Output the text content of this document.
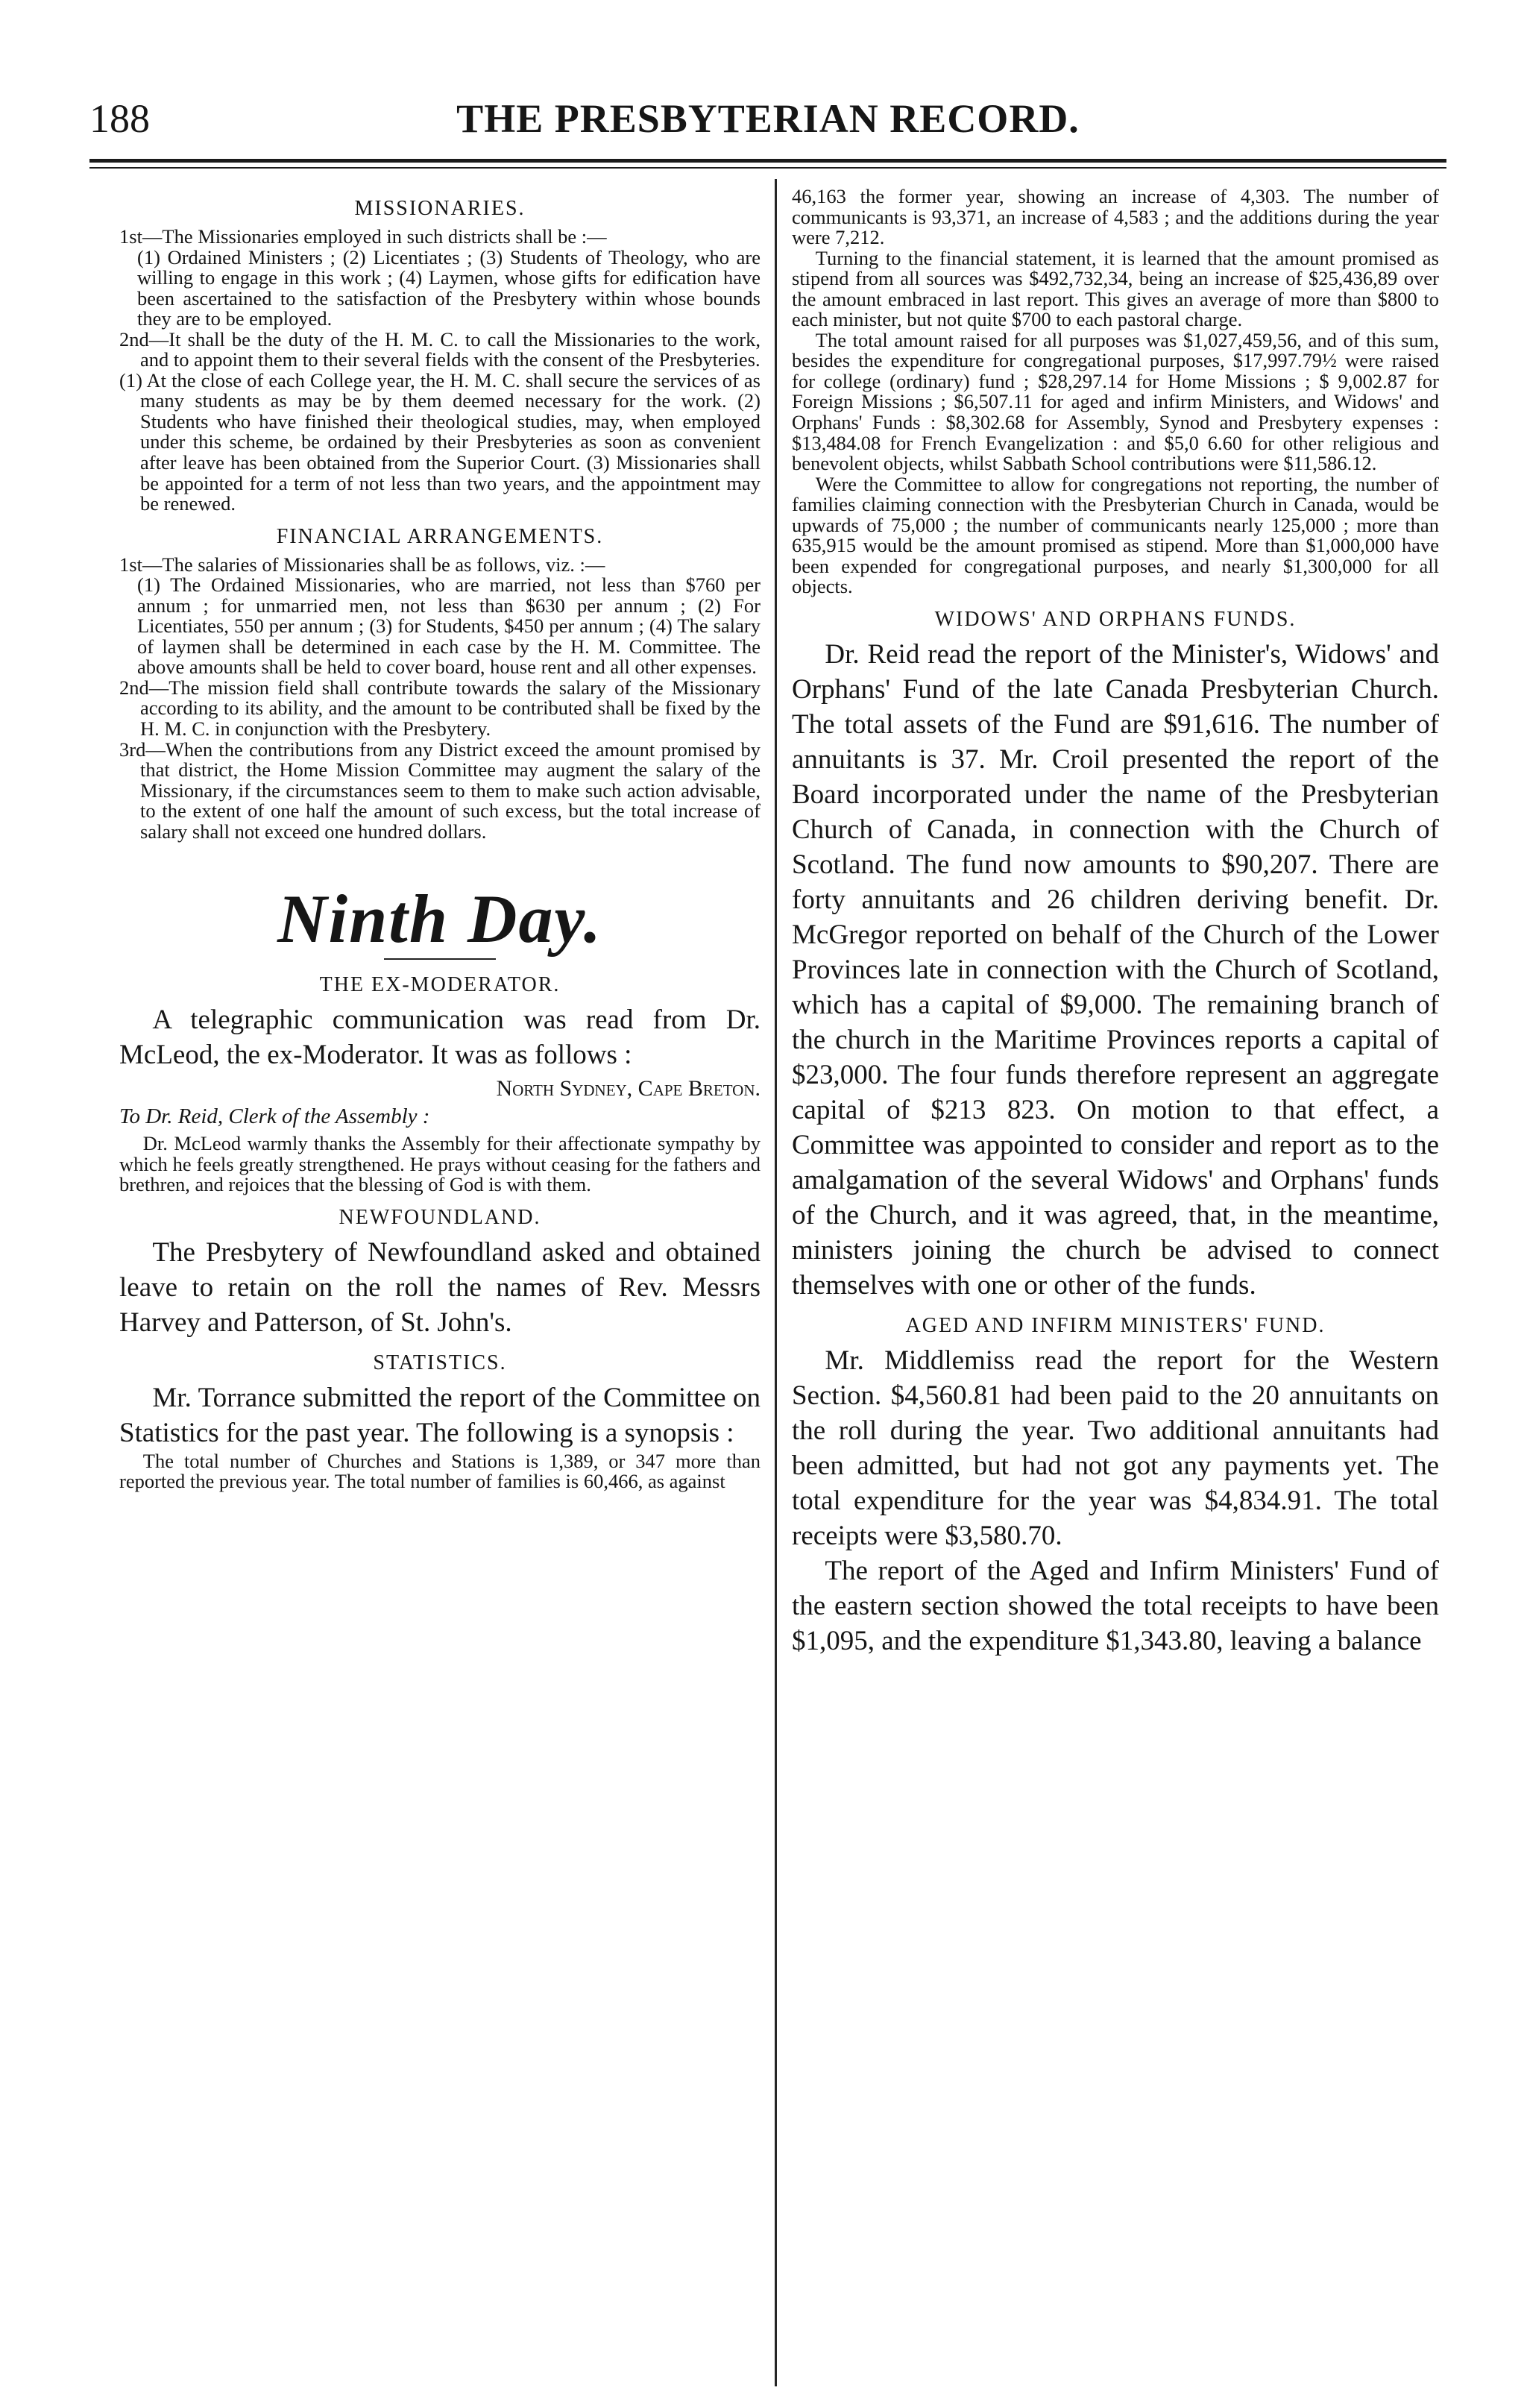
188	THE PRESBYTERIAN RECORD.
MISSIONARIES.

1st—The Missionaries employed in such districts shall be :—

(1) Ordained Ministers ; (2) Licentiates ; (3) Students of Theology, who are willing to engage in this work ; (4) Laymen, whose gifts for edification have been ascertained to the satisfaction of the Presbytery within whose bounds they are to be employed.

2nd—It shall be the duty of the H. M. C. to call the Missionaries to the work, and to appoint them to their several fields with the consent of the Presbyteries.

(1) At the close of each College year, the H. M. C. shall secure the services of as many students as may be by them deemed necessary for the work. (2) Students who have finished their theological studies, may, when employed under this scheme, be ordained by their Presbyteries as soon as convenient after leave has been obtained from the Superior Court. (3) Missionaries shall be appointed for a term of not less than two years, and the appointment may be renewed.

FINANCIAL ARRANGEMENTS.

1st—The salaries of Missionaries shall be as follows, viz. :—

(1) The Ordained Missionaries, who are married, not less than $760 per annum ; for unmarried men, not less than $630 per annum ; (2) For Licentiates, 550 per annum ; (3) for Students, $450 per annum ; (4) The salary of laymen shall be determined in each case by the H. M. Committee. The above amounts shall be held to cover board, house rent and all other expenses.

2nd—The mission field shall contribute towards the salary of the Missionary according to its ability, and the amount to be contributed shall be fixed by the H. M. C. in conjunction with the Presbytery.

3rd—When the contributions from any District exceed the amount promised by that district, the Home Mission Committee may augment the salary of the Missionary, if the circumstances seem to them to make such action advisable, to the extent of one half the amount of such excess, but the total increase of salary shall not exceed one hundred dollars.

Ninth Day.
THE EX-MODERATOR.

A telegraphic communication was read from Dr. McLeod, the ex-Moderator. It was as follows :

North Sydney, Cape Breton.
To Dr. Reid, Clerk of the Assembly :

Dr. McLeod warmly thanks the Assembly for their affectionate sympathy by which he feels greatly strengthened. He prays without ceasing for the fathers and brethren, and rejoices that the blessing of God is with them.

NEWFOUNDLAND.

The Presbytery of Newfoundland asked and obtained leave to retain on the roll the names of Rev. Messrs Harvey and Patterson, of St. John's.

STATISTICS.

Mr. Torrance submitted the report of the Committee on Statistics for the past year. The following is a synopsis :

The total number of Churches and Stations is 1,389, or 347 more than reported the previous year. The total number of families is 60,466, as against

46,163 the former year, showing an increase of 4,303. The number of communicants is 93,371, an increase of 4,583 ; and the additions during the year were 7,212.

Turning to the financial statement, it is learned that the amount promised as stipend from all sources was $492,732,34, being an increase of $25,436,89 over the amount embraced in last report. This gives an average of more than $800 to each minister, but not quite $700 to each pastoral charge.

The total amount raised for all purposes was $1,027,459,56, and of this sum, besides the expenditure for congregational purposes, $17,997.79½ were raised for college (ordinary) fund ; $28,297.14 for Home Missions ; $ 9,002.87 for Foreign Missions ; $6,507.11 for aged and infirm Ministers, and Widows' and Orphans' Funds : $8,302.68 for Assembly, Synod and Presbytery expenses : $13,484.08 for French Evangelization : and $5,0 6.60 for other religious and benevolent objects, whilst Sabbath School contributions were $11,586.12.

Were the Committee to allow for congregations not reporting, the number of families claiming connection with the Presbyterian Church in Canada, would be upwards of 75,000 ; the number of communicants nearly 125,000 ; more than 635,915 would be the amount promised as stipend. More than $1,000,000 have been expended for congregational purposes, and nearly $1,300,000 for all objects.

WIDOWS' AND ORPHANS FUNDS.

Dr. Reid read the report of the Minister's, Widows' and Orphans' Fund of the late Canada Presbyterian Church. The total assets of the Fund are $91,616. The number of annuitants is 37. Mr. Croil presented the report of the Board incorporated under the name of the Presbyterian Church of Canada, in connection with the Church of Scotland. The fund now amounts to $90,207. There are forty annuitants and 26 children deriving benefit. Dr. McGregor reported on behalf of the Church of the Lower Provinces late in connection with the Church of Scotland, which has a capital of $9,000. The remaining branch of the church in the Maritime Provinces reports a capital of $23,000. The four funds therefore represent an aggregate capital of $213 823. On motion to that effect, a Committee was appointed to consider and report as to the amalgamation of the several Widows' and Orphans' funds of the Church, and it was agreed, that, in the meantime, ministers joining the church be advised to connect themselves with one or other of the funds.

AGED AND INFIRM MINISTERS' FUND.

Mr. Middlemiss read the report for the Western Section. $4,560.81 had been paid to the 20 annuitants on the roll during the year. Two additional annuitants had been admitted, but had not got any payments yet. The total expenditure for the year was $4,834.91. The total receipts were $3,580.70.

The report of the Aged and Infirm Ministers' Fund of the eastern section showed the total receipts to have been $1,095, and the expenditure $1,343.80, leaving a balance
